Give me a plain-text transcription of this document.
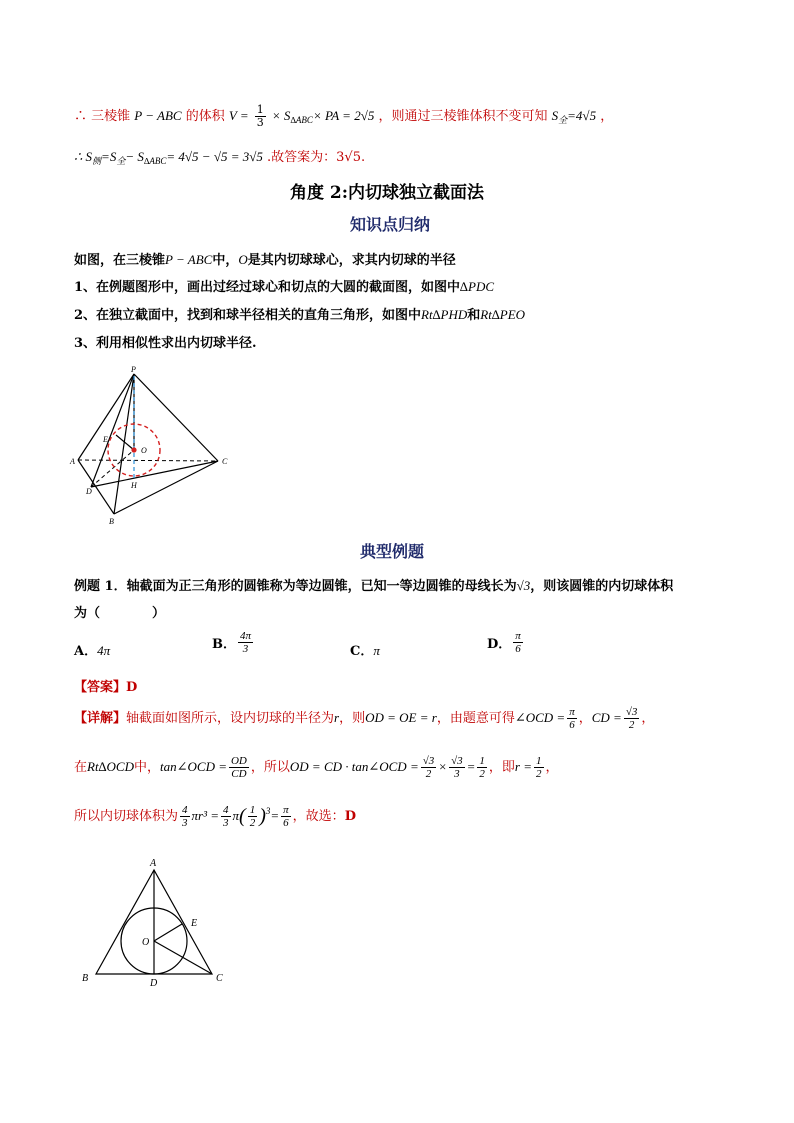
∴ 三棱锥 P − ABC 的体积 $V = \frac{1}{3} \times S_{\Delta ABC}\times$ PA = 2√5 ，则通过三棱锥体积不变可知 $S_全=4√5$ ，
∴ $S_侧=S_全- S_{\Delta ABC}= 4√5 - √5 = 3√5$ .故答案为：3√5.
角度 2:内切球独立截面法
知识点归纳
如图，在三棱锥P − ABC中，O是其内切球球心，求其内切球的半径
1、在例题图形中，画出过经过球心和切点的大圆的截面图，如图中∆PDC
2、在独立截面中，找到和球半径相关的直角三角形，如图中Rt∆PHD和Rt∆PEO
3、利用相似性求出内切球半径.
P
E
O
A	C
D
H
B
典型例题
例题 1．轴截面为正三角形的圆锥称为等边圆锥，已知一等边圆锥的母线长为√3，则该圆锥的内切球体积
为（　　　　）
A．4π	B． $\frac{4\pi}{3}$	C．π	D． $\frac{\pi}{6}$
【答案】D
【详解】轴截面如图所示，设内切球的半径为r，则OD = OE = r，由题意可得∠OCD = $\frac{\pi}{6}$ ，CD = $\frac{√3}{2}$ ，
在Rt∆OCD中，tan∠OCD = $\frac{OD}{CD}$ ，所以OD = CD · tan∠OCD = $\frac{√3}{2} \times \frac{√3}{3} = \frac{1}{2}$ ，即$r = \frac{1}{2}$ ，
所以内切球体积为 $\frac{4}{3} \pi r^3 = \frac{4}{3} \pi( \frac{1}{2} )^3= \frac{\pi}{6}$ ，故选：D
A
E
O
B	D	C
